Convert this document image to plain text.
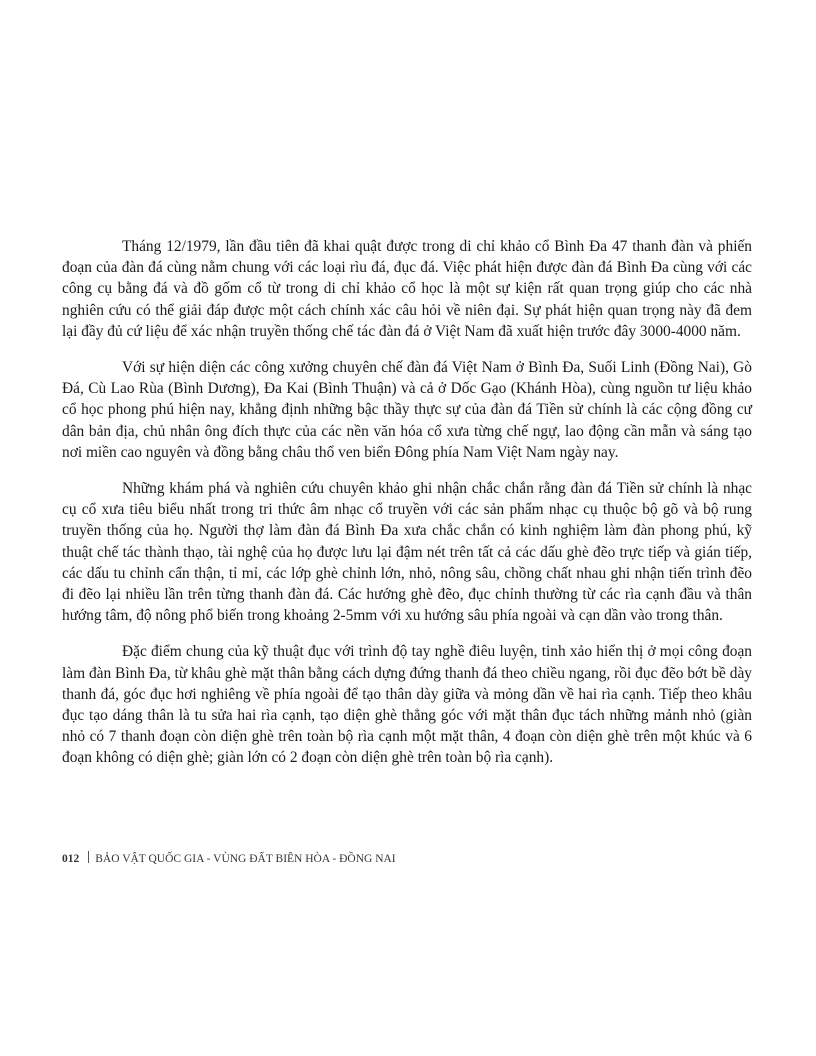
Tháng 12/1979, lần đầu tiên đã khai quật được trong di chỉ khảo cổ Bình Đa 47 thanh đàn và phiến đoạn của đàn đá cùng nằm chung với các loại rìu đá, đục đá. Việc phát hiện được đàn đá Bình Đa cùng với các công cụ bằng đá và đồ gốm cổ từ trong di chỉ khảo cổ học là một sự kiện rất quan trọng giúp cho các nhà nghiên cứu có thể giải đáp được một cách chính xác câu hỏi về niên đại. Sự phát hiện quan trọng này đã đem lại đầy đủ cứ liệu để xác nhận truyền thống chế tác đàn đá ở Việt Nam đã xuất hiện trước đây 3000-4000 năm.

Với sự hiện diện các công xưởng chuyên chế đàn đá Việt Nam ở Bình Đa, Suối Linh (Đồng Nai), Gò Đá, Cù Lao Rùa (Bình Dương), Đa Kai (Bình Thuận) và cả ở Dốc Gạo (Khánh Hòa), cùng nguồn tư liệu khảo cổ học phong phú hiện nay, khẳng định những bậc thầy thực sự của đàn đá Tiền sử chính là các cộng đồng cư dân bản địa, chủ nhân ông đích thực của các nền văn hóa cổ xưa từng chế ngự, lao động cần mẫn và sáng tạo nơi miền cao nguyên và đồng bằng châu thổ ven biển Đông phía Nam Việt Nam ngày nay.

Những khám phá và nghiên cứu chuyên khảo ghi nhận chắc chắn rằng đàn đá Tiền sử chính là nhạc cụ cổ xưa tiêu biểu nhất trong tri thức âm nhạc cổ truyền với các sản phẩm nhạc cụ thuộc bộ gõ và bộ rung truyền thống của họ. Người thợ làm đàn đá Bình Đa xưa chắc chắn có kinh nghiệm làm đàn phong phú, kỹ thuật chế tác thành thạo, tài nghệ của họ được lưu lại đậm nét trên tất cả các dấu ghè đẽo trực tiếp và gián tiếp, các dấu tu chỉnh cẩn thận, tỉ mỉ, các lớp ghè chỉnh lớn, nhỏ, nông sâu, chồng chất nhau ghi nhận tiến trình đẽo đi đẽo lại nhiều lần trên từng thanh đàn đá. Các hướng ghè đẽo, đục chỉnh thường từ các rìa cạnh đầu và thân hướng tâm, độ nông phổ biến trong khoảng 2-5mm với xu hướng sâu phía ngoài và cạn dần vào trong thân.

Đặc điểm chung của kỹ thuật đục với trình độ tay nghề điêu luyện, tinh xảo hiển thị ở mọi công đoạn làm đàn Bình Đa, từ khâu ghè mặt thân bằng cách dựng đứng thanh đá theo chiều ngang, rồi đục đẽo bớt bề dày thanh đá, góc đục hơi nghiêng về phía ngoài để tạo thân dày giữa và mỏng dần về hai rìa cạnh. Tiếp theo khâu đục tạo dáng thân là tu sửa hai rìa cạnh, tạo diện ghè thẳng góc với mặt thân đục tách những mảnh nhỏ (giàn nhỏ có 7 thanh đoạn còn diện ghè trên toàn bộ rìa cạnh một mặt thân, 4 đoạn còn diện ghè trên một khúc và 6 đoạn không có diện ghè; giàn lớn có 2 đoạn còn diện ghè trên toàn bộ rìa cạnh).

012 BẢO VẬT QUỐC GIA - VÙNG ĐẤT BIÊN HÒA - ĐỒNG NAI
